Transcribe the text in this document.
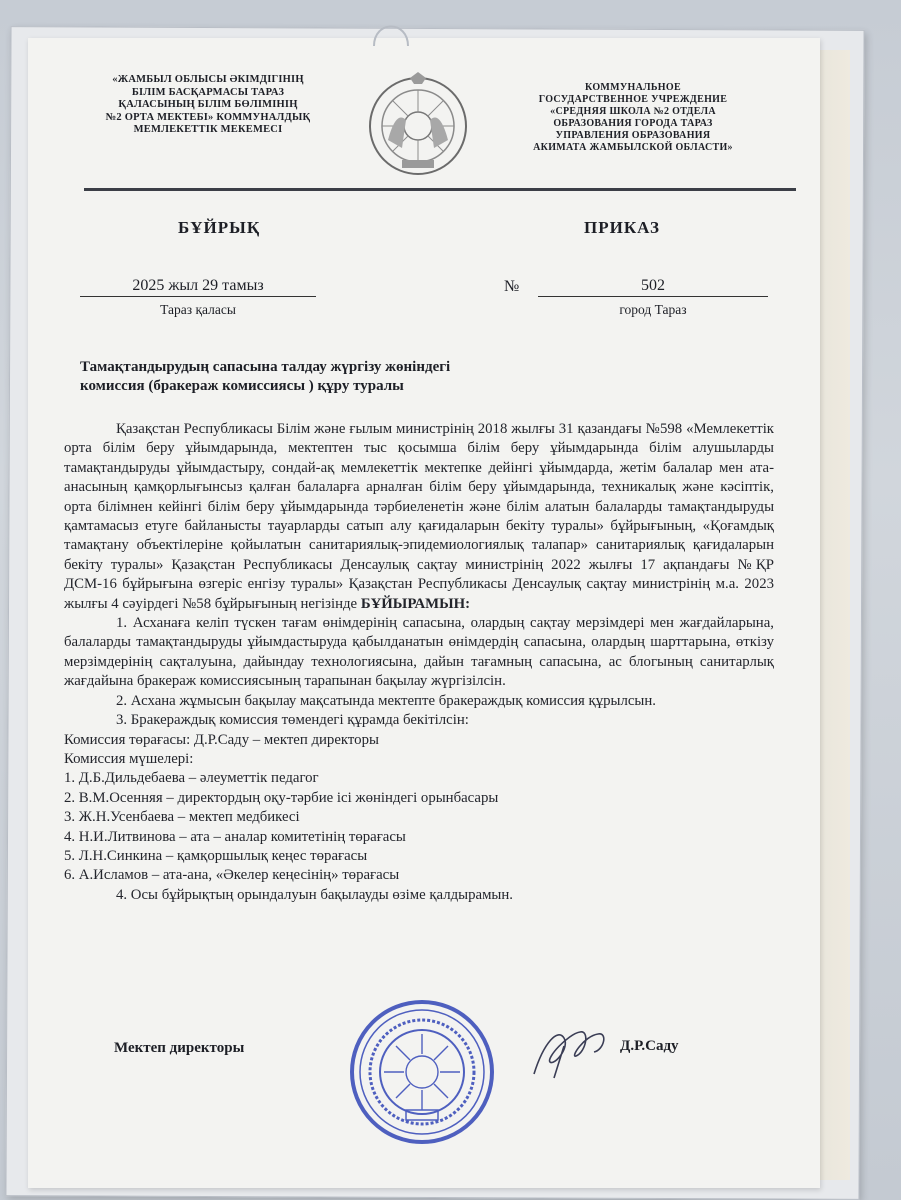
«ЖАМБЫЛ ОБЛЫСЫ ӘКІМДІГІНІҢ
БІЛІМ БАСҚАРМАСЫ ТАРАЗ
ҚАЛАСЫНЫҢ БІЛІМ БӨЛІМІНІҢ
№2 ОРТА МЕКТЕБІ» КОММУНАЛДЫҚ
МЕМЛЕКЕТТІК МЕКЕМЕСІ
КОММУНАЛЬНОЕ
ГОСУДАРСТВЕННОЕ УЧРЕЖДЕНИЕ
«СРЕДНЯЯ ШКОЛА №2 ОТДЕЛА
ОБРАЗОВАНИЯ ГОРОДА ТАРАЗ
УПРАВЛЕНИЯ ОБРАЗОВАНИЯ
АКИМАТА ЖАМБЫЛСКОЙ ОБЛАСТИ»
БҰЙРЫҚ	ПРИКАЗ
2025 жыл 29 тамыз
Тараз қаласы
№	502
город Тараз
Тамақтандырудың сапасына талдау жүргізу жөніндегі
комиссия (бракераж комиссиясы ) құру туралы

Қазақстан Республикасы Білім және ғылым министрінің 2018 жылғы 31 қазандағы №598 «Мемлекеттік орта білім беру ұйымдарында, мектептен тыс қосымша білім беру ұйымдарында білім алушыларды тамақтандыруды ұйымдастыру, сондай-ақ мемлекеттік мектепке дейінгі ұйымдарда, жетім балалар мен ата-анасының қамқорлығынсыз қалған балаларға арналған білім беру ұйымдарында, техникалық және кәсіптік, орта білімнен кейінгі білім беру ұйымдарында тәрбиеленетін және білім алатын балаларды тамақтандыруды қамтамасыз етуге байланысты тауарларды сатып алу қағидаларын бекіту туралы» бұйрығының, «Қоғамдық тамақтану объектілеріне қойылатын санитариялық-эпидемиологиялық талапар» санитариялық қағидаларын бекіту туралы» Қазақстан Республикасы Денсаулық сақтау министрінің 2022 жылғы 17 ақпандағы №ҚР ДСМ-16 бұйрығына өзгеріс енгізу туралы» Қазақстан Республикасы Денсаулық сақтау министрінің м.а. 2023 жылғы 4 сәуірдегі №58 бұйрығының негізінде БҰЙЫРАМЫН:

1. Асханаға келіп түскен тағам өнімдерінің сапасына, олардың сақтау мерзімдері мен жағдайларына, балаларды тамақтандыруды ұйымдастыруда қабылданатын өнімдердің сапасына, олардың шарттарына, өткізу мерзімдерінің сақталуына, дайындау технологиясына, дайын тағамның сапасына, ас блогының санитарлық жағдайына бракераж комиссиясының тарапынан бақылау жүргізілсін.

2. Асхана жұмысын бақылау мақсатында мектепте бракераждық комиссия құрылсын.

3. Бракераждық комиссия төмендегі құрамда бекітілсін:

Комиссия төрағасы: Д.Р.Саду – мектеп директоры

Комиссия мүшелері:

1. Д.Б.Дильдебаева – әлеуметтік педагог

2. В.М.Осенняя – директордың оқу-тәрбие ісі жөніндегі орынбасары

3. Ж.Н.Усенбаева – мектеп медбикесі

4. Н.И.Литвинова – ата – аналар комитетінің төрағасы

5. Л.Н.Синкина – қамқоршылық кеңес төрағасы

6. А.Исламов – ата-ана, «Әкелер кеңесінің» төрағасы

4. Осы бұйрықтың орындалуын бақылауды өзіме қалдырамын.

Мектеп директоры	Д.Р.Саду
